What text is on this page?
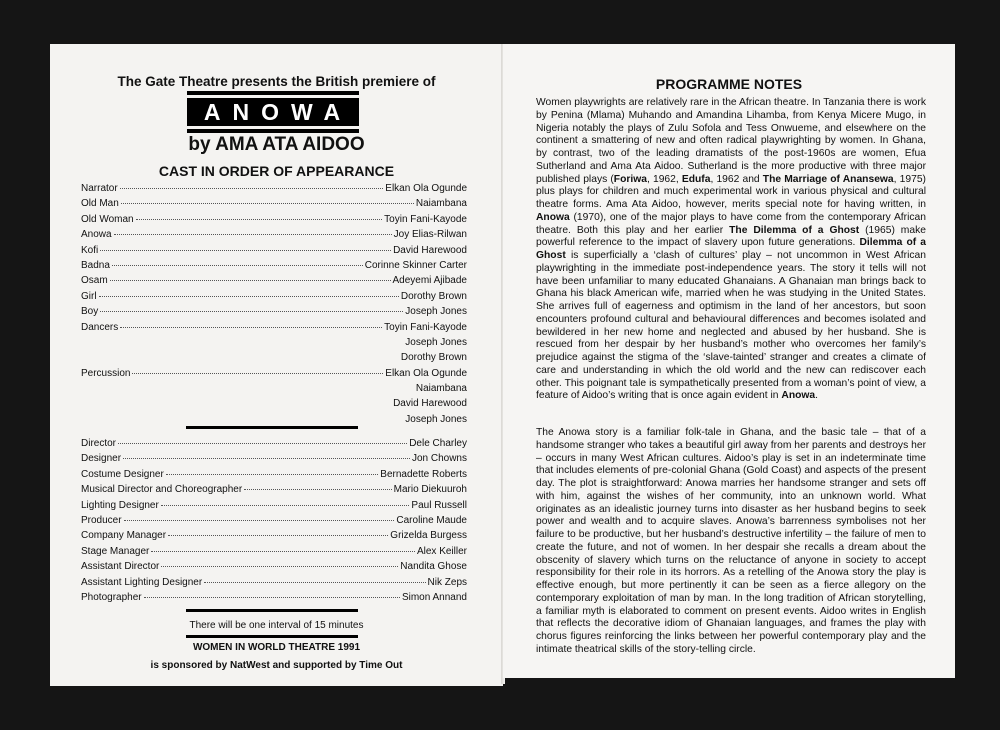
The Gate Theatre presents the British premiere of
ANOWA
by AMA ATA AIDOO
CAST IN ORDER OF APPEARANCE
Narrator	Elkan Ola Ogunde
Old Man	Naiambana
Old Woman	Toyin Fani-Kayode
Anowa	Joy Elias-Rilwan
Kofi	David Harewood
Badna	Corinne Skinner Carter
Osam	Adeyemi Ajibade
Girl	Dorothy Brown
Boy	Joseph Jones
Dancers	Toyin Fani-Kayode
Joseph Jones
Dorothy Brown
Percussion	Elkan Ola Ogunde
Naiambana
David Harewood
Joseph Jones
Director	Dele Charley
Designer	Jon Chowns
Costume Designer	Bernadette Roberts
Musical Director and Choreographer	Mario Diekuuroh
Lighting Designer	Paul Russell
Producer	Caroline Maude
Company Manager	Grizelda Burgess
Stage Manager	Alex Keiller
Assistant Director	Nandita Ghose
Assistant Lighting Designer	Nik Zeps
Photographer	Simon Annand
There will be one interval of 15 minutes
WOMEN IN WORLD THEATRE 1991
is sponsored by NatWest and supported by Time Out
PROGRAMME NOTES
Women playwrights are relatively rare in the African theatre. In Tanzania there is work by Penina (Mlama) Muhando and Amandina Lihamba, from Kenya Micere Mugo, in Nigeria notably the plays of Zulu Sofola and Tess Onwueme, and elsewhere on the continent a smattering of new and often radical playwrighting by women. In Ghana, by contrast, two of the leading dramatists of the post-1960s are women, Efua Sutherland and Ama Ata Aidoo. Sutherland is the more productive with three major published plays (Foriwa, 1962, Edufa, 1962 and The Marriage of Anansewa, 1975) plus plays for children and much experimental work in various physical and cultural theatre forms. Ama Ata Aidoo, however, merits special note for having written, in Anowa (1970), one of the major plays to have come from the contemporary African theatre. Both this play and her earlier The Dilemma of a Ghost (1965) make powerful reference to the impact of slavery upon future generations. Dilemma of a Ghost is superficially a ‘clash of cultures’ play – not uncommon in West African playwrighting in the immediate post-independence years. The story it tells will not have been unfamiliar to many educated Ghanaians. A Ghanaian man brings back to Ghana his black American wife, married when he was studying in the United States. She arrives full of eagerness and optimism in the land of her ancestors, but soon encounters profound cultural and behavioural differences and becomes isolated and bewildered in her new home and neglected and abused by her husband. She is rescued from her despair by her husband’s mother who overcomes her family’s prejudice against the stigma of the ‘slave-tainted’ stranger and creates a climate of care and understanding in which the old world and the new can rediscover each other. This poignant tale is sympathetically presented from a woman’s point of view, a feature of Aidoo’s writing that is once again evident in Anowa.
The Anowa story is a familiar folk-tale in Ghana, and the basic tale – that of a handsome stranger who takes a beautiful girl away from her parents and destroys her – occurs in many West African cultures. Aidoo’s play is set in an indeterminate time that includes elements of pre-colonial Ghana (Gold Coast) and aspects of the present day. The plot is straightforward: Anowa marries her handsome stranger and sets off with him, against the wishes of her community, into an unknown world. What originates as an idealistic journey turns into disaster as her husband begins to seek power and wealth and to acquire slaves. Anowa’s barrenness symbolises not her failure to be productive, but her husband’s destructive infertility – the failure of men to create the future, and not of women. In her despair she recalls a dream about the obscenity of slavery which turns on the reluctance of anyone in society to accept responsibility for their role in its horrors. As a retelling of the Anowa story the play is effective enough, but more pertinently it can be seen as a fierce allegory on the contemporary exploitation of man by man. In the long tradition of African storytelling, a familiar myth is elaborated to comment on present events. Aidoo writes in English that reflects the decorative idiom of Ghanaian languages, and frames the play with chorus figures reinforcing the links between her powerful contemporary play and the intimate theatrical skills of the story-telling circle.
